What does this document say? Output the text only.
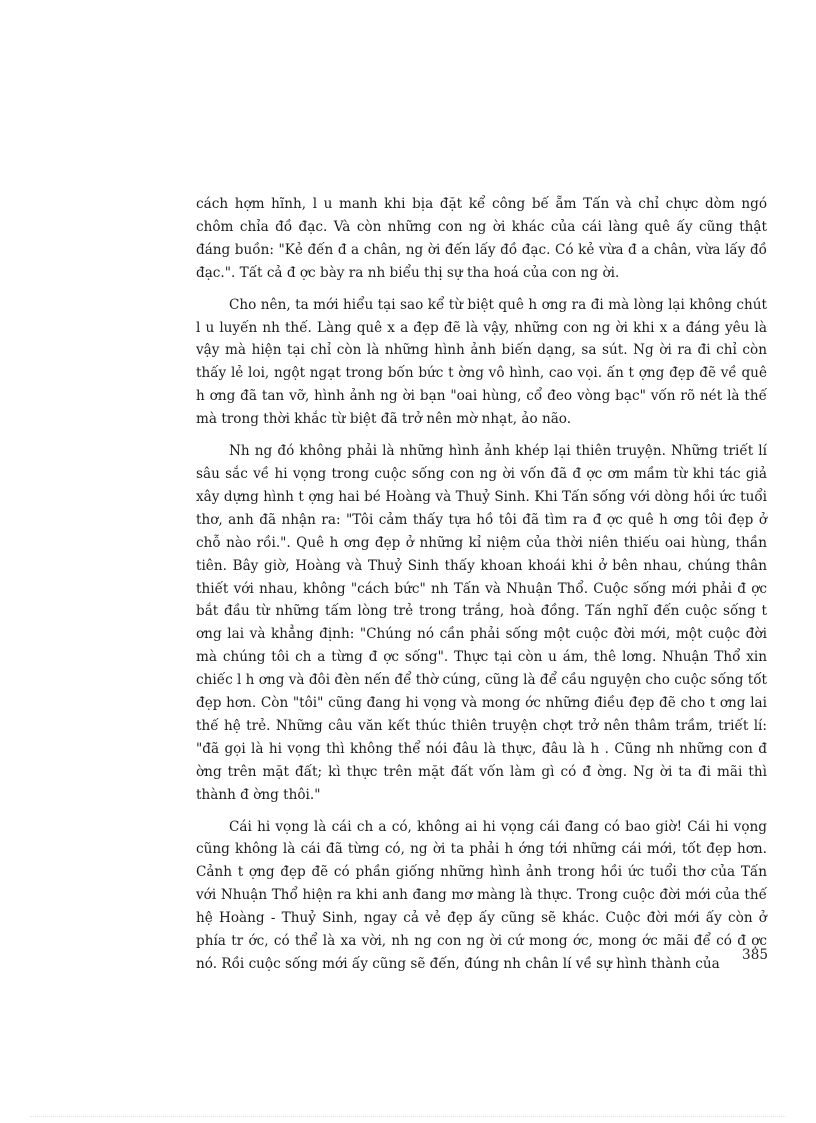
cách hợm hĩnh, l u manh khi bịa đặt kể công bế ẵm Tấn và chỉ chực dòm ngó chôm chỉa đồ đạc. Và còn những con ng ời khác của cái làng quê ấy cũng thật đáng buồn: "Kẻ đến đ a chân, ng ời đến lấy đồ đạc. Có kẻ vừa đ a chân, vừa lấy đồ đạc.". Tất cả đ ợc bày ra nh biểu thị sự tha hoá của con ng ời.

Cho nên, ta mới hiểu tại sao kể từ biệt quê h ơng ra đi mà lòng lại không chút l u luyến nh thế. Làng quê x a đẹp đẽ là vậy, những con ng ời khi x a đáng yêu là vậy mà hiện tại chỉ còn là những hình ảnh biến dạng, sa sút. Ng ời ra đi chỉ còn thấy lẻ loi, ngột ngạt trong bốn bức t ờng vô hình, cao vọi. ấn t ợng đẹp đẽ về quê h ơng đã tan vỡ, hình ảnh ng ời bạn "oai hùng, cổ đeo vòng bạc" vốn rõ nét là thế mà trong thời khắc từ biệt đã trở nên mờ nhạt, ảo não.

Nh ng đó không phải là những hình ảnh khép lại thiên truyện. Những triết lí sâu sắc về hi vọng trong cuộc sống con ng ời vốn đã đ ợc ơm mầm từ khi tác giả xây dựng hình t ợng hai bé Hoàng và Thuỷ Sinh. Khi Tấn sống với dòng hồi ức tuổi thơ, anh đã nhận ra: "Tôi cảm thấy tựa hồ tôi đã tìm ra đ ợc quê h ơng tôi đẹp ở chỗ nào rồi.". Quê h ơng đẹp ở những kỉ niệm của thời niên thiếu oai hùng, thần tiên. Bây giờ, Hoàng và Thuỷ Sinh thấy khoan khoái khi ở bên nhau, chúng thân thiết với nhau, không "cách bức" nh Tấn và Nhuận Thổ. Cuộc sống mới phải đ ợc bắt đầu từ những tấm lòng trẻ trong trắng, hoà đồng. Tấn nghĩ đến cuộc sống t ơng lai và khẳng định: "Chúng nó cần phải sống một cuộc đời mới, một cuộc đời mà chúng tôi ch a từng đ ợc sống". Thực tại còn u ám, thê lơng. Nhuận Thổ xin chiếc l h ơng và đôi đèn nến để thờ cúng, cũng là để cầu nguyện cho cuộc sống tốt đẹp hơn. Còn "tôi" cũng đang hi vọng và mong ớc những điều đẹp đẽ cho t ơng lai thế hệ trẻ. Những câu văn kết thúc thiên truyện chợt trở nên thâm trầm, triết lí: "đã gọi là hi vọng thì không thể nói đâu là thực, đâu là h . Cũng nh những con đ ờng trên mặt đất; kì thực trên mặt đất vốn làm gì có đ ờng. Ng ời ta đi mãi thì thành đ ờng thôi."

Cái hi vọng là cái ch a có, không ai hi vọng cái đang có bao giờ! Cái hi vọng cũng không là cái đã từng có, ng ời ta phải h ớng tới những cái mới, tốt đẹp hơn. Cảnh t ợng đẹp đẽ có phần giống những hình ảnh trong hồi ức tuổi thơ của Tấn với Nhuận Thổ hiện ra khi anh đang mơ màng là thực. Trong cuộc đời mới của thế hệ Hoàng - Thuỷ Sinh, ngay cả vẻ đẹp ấy cũng sẽ khác. Cuộc đời mới ấy còn ở phía tr ớc, có thể là xa vời, nh ng con ng ời cứ mong ớc, mong ớc mãi để có đ ợc nó. Rồi cuộc sống mới ấy cũng sẽ đến, đúng nh chân lí về sự hình thành của

385
